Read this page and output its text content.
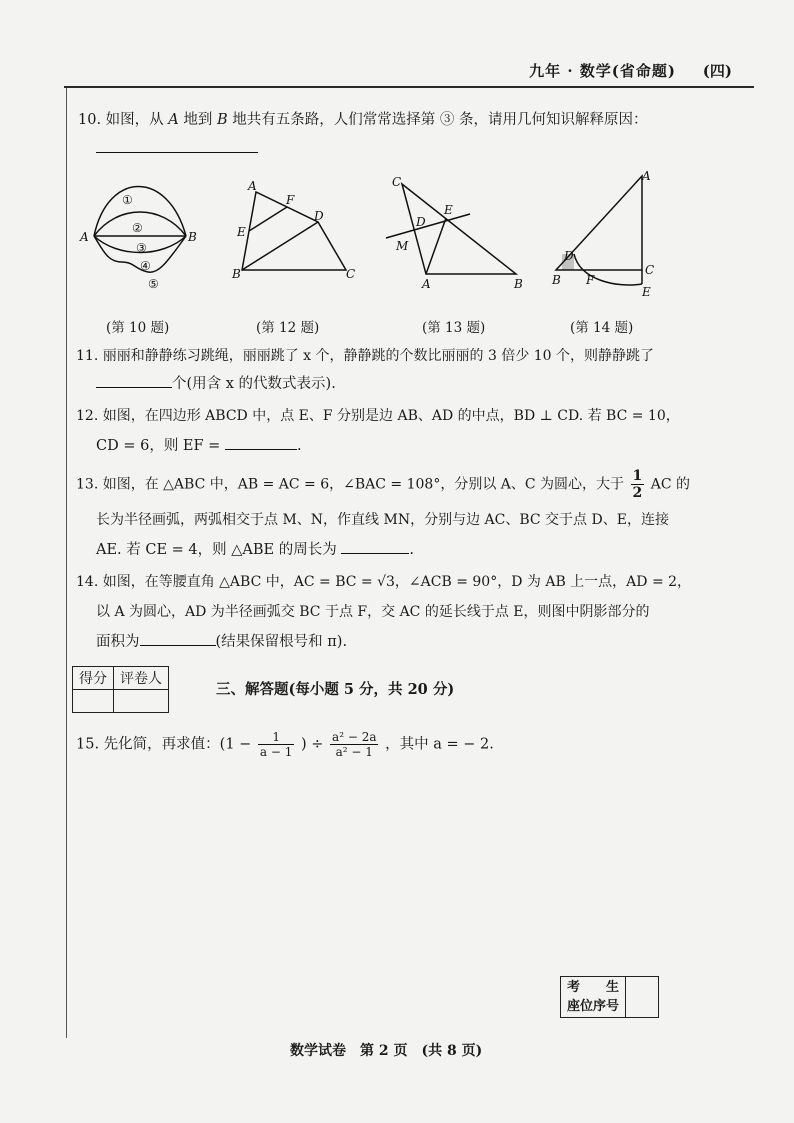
九年 · 数学(省命题) (四)
10. 如图，从 A 地到 B 地共有五条路，人们常常选择第 ③ 条，请用几何知识解释原因：
A	B
①
②
③
④
⑤
A
F
D
E
B	C
C
D
E
M
A	B
A
D
B F
C
E
(第 10 题)	(第 12 题)	(第 13 题)	(第 14 题)
11. 丽丽和静静练习跳绳，丽丽跳了 x 个，静静跳的个数比丽丽的 3 倍少 10 个，则静静跳了
个(用含 x 的代数式表示).
12. 如图，在四边形 ABCD 中，点 E、F 分别是边 AB、AD 的中点，BD ⊥ CD. 若 BC = 10，
CD = 6，则 EF =	.
13. 如图，在 △ABC 中，AB = AC = 6，∠BAC = 108°，分别以 A、C 为圆心，大于 $\frac{1}{2}$ AC 的
长为半径画弧，两弧相交于点 M、N，作直线 MN，分别与边 AC、BC 交于点 D、E，连接
AE. 若 CE = 4，则 △ABE 的周长为	.
14. 如图，在等腰直角 △ABC 中，AC = BC = √3，∠ACB = 90°，D 为 AB 上一点，AD = 2，
以 A 为圆心，AD 为半径画弧交 BC 于点 F，交 AC 的延长线于点 E，则图中阴影部分的
面积为	(结果保留根号和 π).
得分	评卷人

三、解答题(每小题 5 分，共 20 分)
15. 先化简，再求值：($1 - \frac{1}{a - 1}$ ) ÷ $\frac{\text{a² − 2a}}{\text{a² − 1}}$ ，其中 a = − 2.
考　　生
座位序号

数学试卷　第 2 页　(共 8 页)
